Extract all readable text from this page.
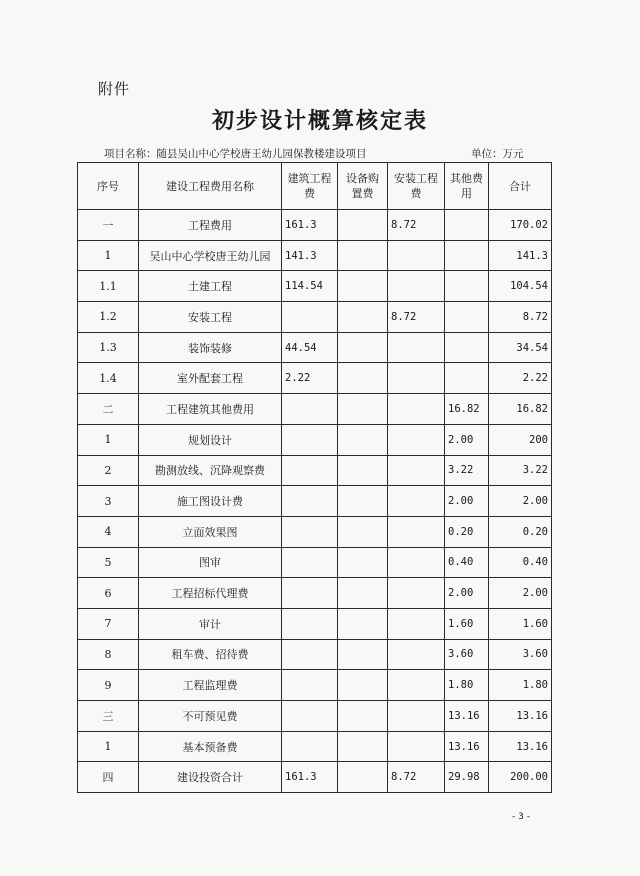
附件
初步设计概算核定表
项目名称：随县吴山中心学校唐王幼儿园保教楼建设项目	单位：万元
序号	建设工程费用名称	建筑工程费	设备购置费	安装工程费	其他费用	合计
一	工程费用	161.3		8.72		170.02
1	吴山中心学校唐王幼儿园	141.3				141.3
1.1	土建工程	114.54				104.54
1.2	安装工程			8.72		8.72
1.3	装饰装修	44.54				34.54
1.4	室外配套工程	2.22				2.22
二	工程建筑其他费用				16.82	16.82
1	规划设计				2.00	200
2	勘测放线、沉降观察费				3.22	3.22
3	施工图设计费				2.00	2.00
4	立面效果图				0.20	0.20
5	图审				0.40	0.40
6	工程招标代理费				2.00	2.00
7	审计				1.60	1.60
8	租车费、招待费				3.60	3.60
9	工程监理费				1.80	1.80
三	不可预见费				13.16	13.16
1	基本预备费				13.16	13.16
四	建设投资合计	161.3		8.72	29.98	200.00
- 3 -
